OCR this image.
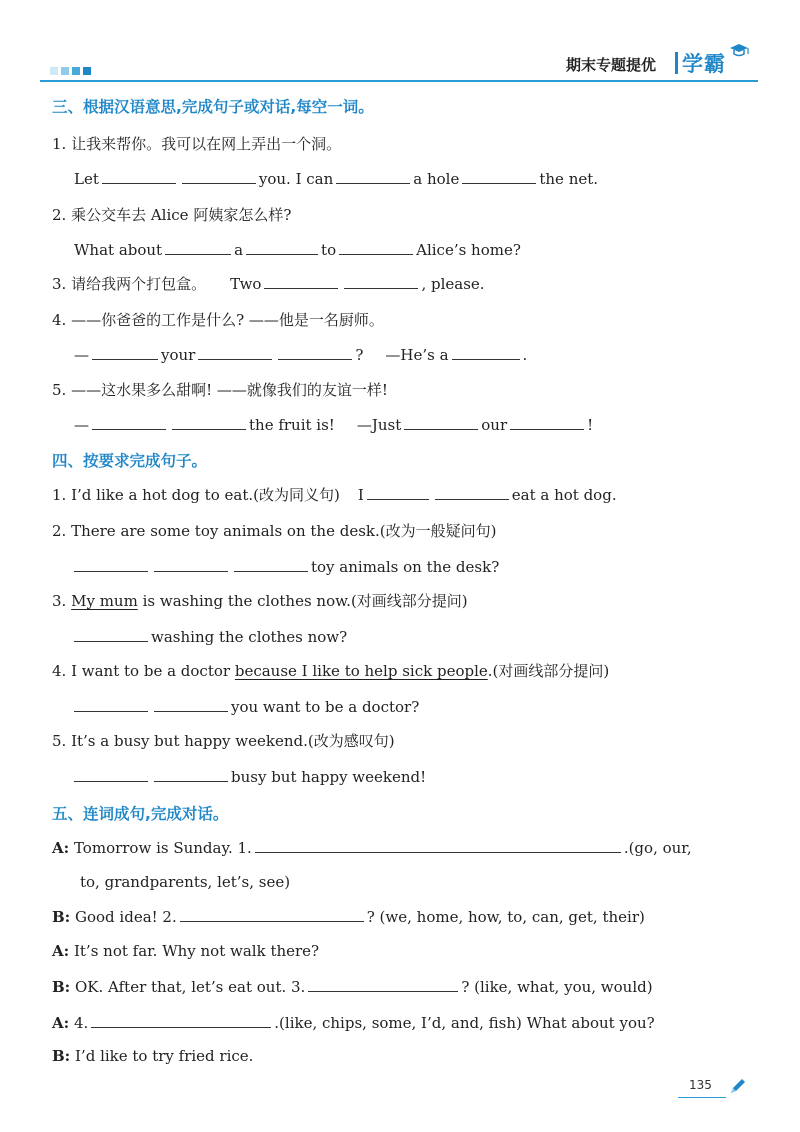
期末专题提优 学霸
三、根据汉语意思,完成句子或对话,每空一词。
1. 让我来帮你。我可以在网上弄出一个洞。
Let	you. I can	a hole	the net.
2. 乘公交车去 Alice 阿姨家怎么样?
What about	a	to	Alice’s home?
3. 请给我两个打包盒。 Two	, please.
4. ——你爸爸的工作是什么? ——他是一名厨师。
—	your	? —He’s a	.
5. ——这水果多么甜啊! ——就像我们的友谊一样!
—	the fruit is! —Just	our	!
四、按要求完成句子。
1. I’d like a hot dog to eat.(改为同义句) I	eat a hot dog.
2. There are some toy animals on the desk.(改为一般疑问句)
toy animals on the desk?
3. My mum is washing the clothes now.(对画线部分提问)
washing the clothes now?
4. I want to be a doctor because I like to help sick people.(对画线部分提问)
you want to be a doctor?
5. It’s a busy but happy weekend.(改为感叹句)
busy but happy weekend!
五、连词成句,完成对话。
A: Tomorrow is Sunday. 1.	.(go, our,
to, grandparents, let’s, see)
B: Good idea! 2.	? (we, home, how, to, can, get, their)
A: It’s not far. Why not walk there?
B: OK. After that, let’s eat out. 3.	? (like, what, you, would)
A: 4.	.(like, chips, some, I’d, and, fish) What about you?
B: I’d like to try fried rice.
135
